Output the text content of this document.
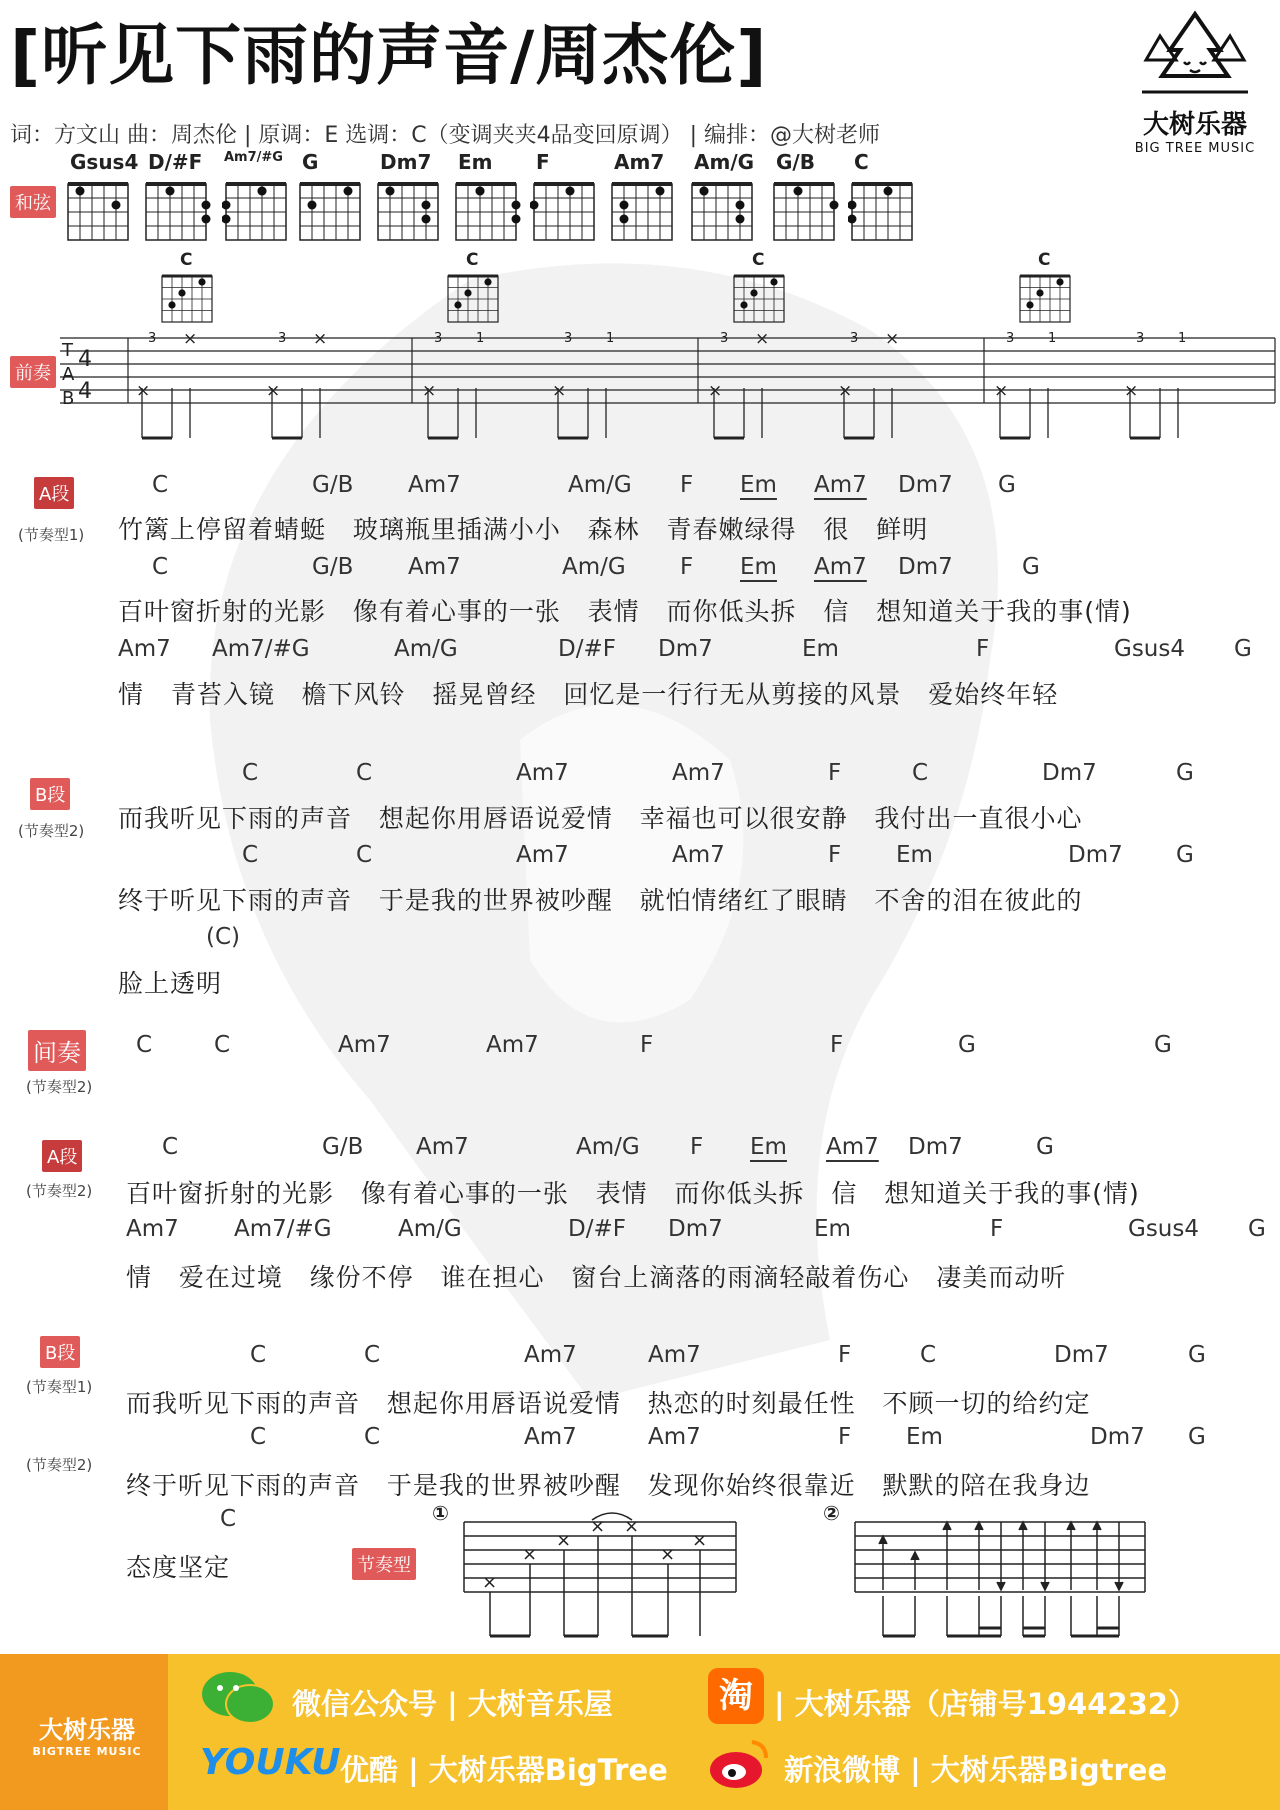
[听见下雨的声音/周杰伦]
词：方文山 曲：周杰伦 | 原调：E 选调：C（变调夹夹4品变回原调） | 编排：@大树老师	大树乐器
BIG TREE MUSIC
和弦
Gsus4 D/#F Am7/#G G	Dm7 Em F	Am7 Am/G G/B C
前奏
C	C	C	C
T
A
B
4
4
3	3
×	×
×	×
3	3
1	1
×	×
3	3
×	×
×	×
3	3
1	1
×	×
A段
(节奏型1)
B段
(节奏型2)
间奏
(节奏型2)
A段
(节奏型2)
B段
(节奏型1)
(节奏型2)
C	G/B Am7	Am/G F Em Am7 Dm7 G
C	G/B Am7	Am/G F Em Am7 Dm7	G
Am7 Am7/#G	Am/G	D/#F Dm7	Em	F	Gsus4 G
C	C	Am7	Am7	F	C	Dm7	G
C	C	Am7	Am7	F Em	Dm7 G
(C)
C	C	Am7	Am7	F	F	G	G
C	G/B Am7	Am/G F Em Am7 Dm7	G
Am7 Am7/#G	Am/G	D/#F Dm7	Em	F	Gsus4 G
C	C	Am7	Am7	F	C	Dm7	G
C	C	Am7	Am7	F Em	Dm7 G
C
竹篱上停留着蜻蜓   玻璃瓶里插满小小   森林   青春嫩绿得   很   鲜明
百叶窗折射的光影   像有着心事的一张   表情   而你低头拆   信   想知道关于我的事(情)
情   青苔入镜   檐下风铃   摇晃曾经   回忆是一行行无从剪接的风景   爱始终年轻
而我听见下雨的声音   想起你用唇语说爱情   幸福也可以很安静   我付出一直很小心
终于听见下雨的声音   于是我的世界被吵醒   就怕情绪红了眼睛   不舍的泪在彼此的
脸上透明
百叶窗折射的光影   像有着心事的一张   表情   而你低头拆   信   想知道关于我的事(情)
情   爱在过境   缘份不停   谁在担心   窗台上滴落的雨滴轻敲着伤心   凄美而动听
而我听见下雨的声音   想起你用唇语说爱情   热恋的时刻最任性   不顾一切的给约定
终于听见下雨的声音   于是我的世界被吵醒   发现你始终很靠近   默默的陪在我身边
态度坚定	节奏型
①
×
×
×
× ×
×
×
②
大树乐器
BIGTREE MUSIC
微信公众号 | 大树音乐屋	淘 | 大树乐器（店铺号1944232）
YOUKU 优酷 | 大树乐器BigTree	新浪微博 | 大树乐器Bigtree
